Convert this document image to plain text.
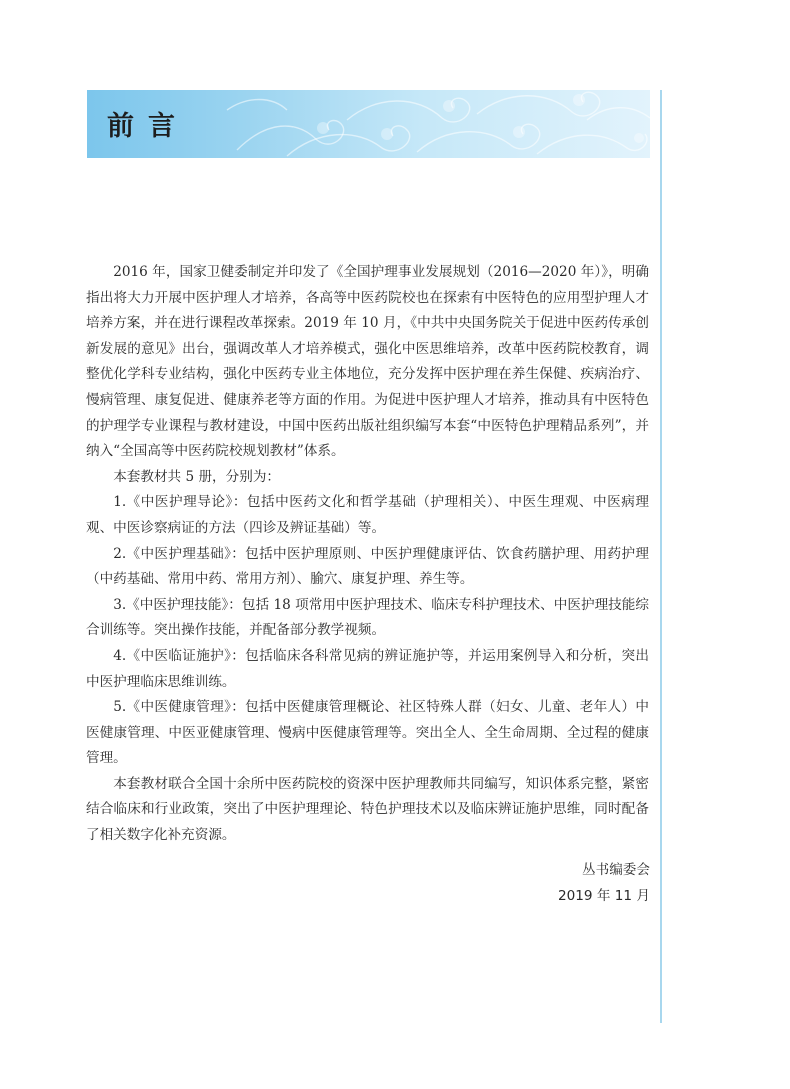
前言

2016 年，国家卫健委制定并印发了《全国护理事业发展规划（2016—2020 年）》，明确指出将大力开展中医护理人才培养，各高等中医药院校也在探索有中医特色的应用型护理人才培养方案，并在进行课程改革探索。2019 年 10 月，《中共中央国务院关于促进中医药传承创新发展的意见》出台，强调改革人才培养模式，强化中医思维培养，改革中医药院校教育，调整优化学科专业结构，强化中医药专业主体地位，充分发挥中医护理在养生保健、疾病治疗、慢病管理、康复促进、健康养老等方面的作用。为促进中医护理人才培养，推动具有中医特色的护理学专业课程与教材建设，中国中医药出版社组织编写本套“中医特色护理精品系列”，并纳入“全国高等中医药院校规划教材”体系。

本套教材共 5 册，分别为：

1.《中医护理导论》：包括中医药文化和哲学基础（护理相关）、中医生理观、中医病理观、中医诊察病证的方法（四诊及辨证基础）等。

2.《中医护理基础》：包括中医护理原则、中医护理健康评估、饮食药膳护理、用药护理（中药基础、常用中药、常用方剂）、腧穴、康复护理、养生等。

3.《中医护理技能》：包括 18 项常用中医护理技术、临床专科护理技术、中医护理技能综合训练等。突出操作技能，并配备部分教学视频。

4.《中医临证施护》：包括临床各科常见病的辨证施护等，并运用案例导入和分析，突出中医护理临床思维训练。

5.《中医健康管理》：包括中医健康管理概论、社区特殊人群（妇女、儿童、老年人）中医健康管理、中医亚健康管理、慢病中医健康管理等。突出全人、全生命周期、全过程的健康管理。

本套教材联合全国十余所中医药院校的资深中医护理教师共同编写，知识体系完整，紧密结合临床和行业政策，突出了中医护理理论、特色护理技术以及临床辨证施护思维，同时配备了相关数字化补充资源。

丛书编委会
2019 年 11 月
